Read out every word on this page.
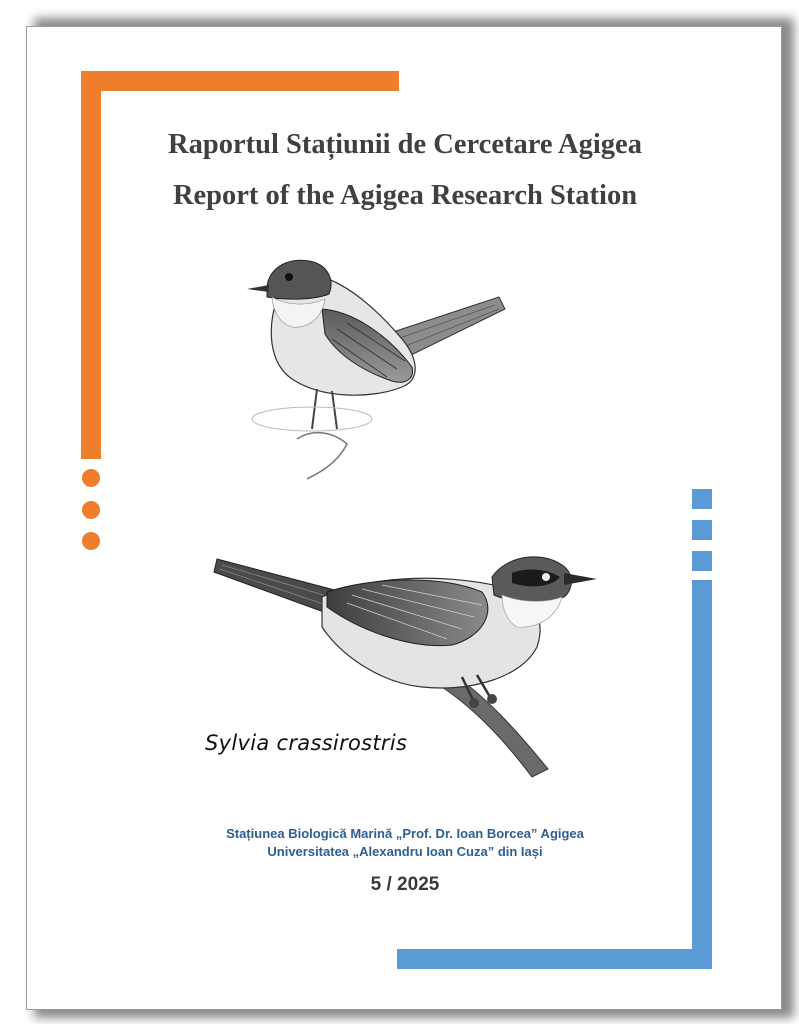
Raportul Stațiunii de Cercetare Agigea
Report of the Agigea Research Station
Sylvia crassirostris
Stațiunea Biologică Marină „Prof. Dr. Ioan Borcea” Agigea
Universitatea „Alexandru Ioan Cuza” din Iași
5 / 2025
